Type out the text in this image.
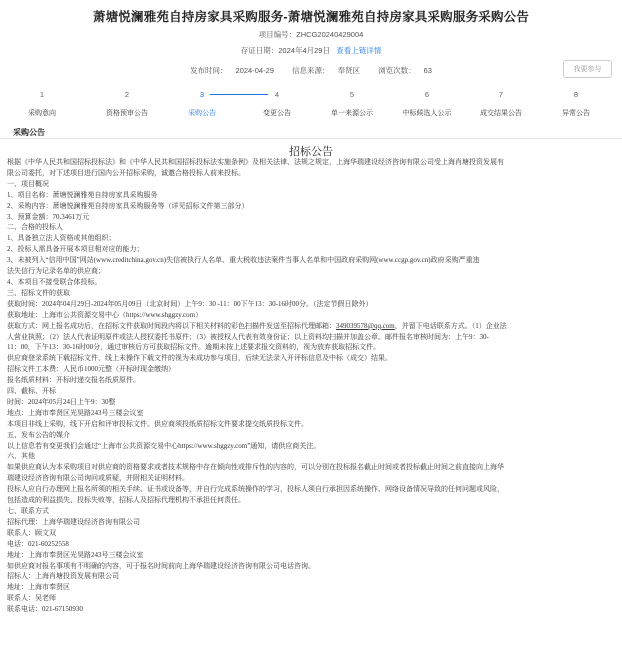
萧塘悦澜雅苑自持房家具采购服务-萧塘悦澜雅苑自持房家具采购服务采购公告
项目编号：ZHCG20240429004
存证日期：2024年4月29日 查看上链详情
发布时间： 2024-04-29 信息来源： 奉贤区 浏览次数： 63	我要参与
1
采购意向
2
资格预审公告
3
采购公告
4
变更公告
5
单一来源公示
6
中标候选人公示
7
成交结果公告
8
异常公告
采购公告
招标公告

根据《中华人民共和国招标投标法》和《中华人民共和国招标投标法实施条例》及相关法律、法规之规定，上海华瑞建设经济咨询有限公司受上海肖塘投资发展有

限公司委托，对下述项目进行国内公开招标采购，诚邀合格投标人前来投标。

一、项目概况

1、项目名称：萧塘悦澜雅苑自持房家具采购服务

2、采购内容：萧塘悦澜雅苑自持房家具采购服务等（详见招标文件第三部分）

3、预算金额：70.3461万元

二、合格的投标人

1、具备独立法人资格或其他组织；

2、投标人需具备开展本项目相对应的能力；

3、未被列入“信用中国”网站(www.creditchina.gov.cn)失信被执行人名单、重大税收违法案件当事人名单和中国政府采购网(www.ccgp.gov.cn)政府采购严重违

法失信行为记录名单的供应商；

4、本项目不接受联合体投标。

三、招标文件的获取

获取时间：2024年04月29日-2024年05月09日（北京时间）上午9：30 -11：00下午13：30-16时00分。（法定节假日除外）

获取地址：上海市公共资源交易中心（https://www.shggzy.com）

获取方式：网上报名成功后，在招标文件获取时间段内将以下相关材料的彩色扫描件发送至招标代理邮箱：349039578@qq.com，并留下电话联系方式。（1）企业法

人营业执照；（2）法人代表证明原件或法人授权委托书原件；（3）被授权人代表有效身份证；以上资料均扫描并加盖公章。邮件报名审核时间为：上午9：30-

11：00，下午13：30-16时00分，通过审核后方可获取招标文件。逾期未按上述要求报交资料的，视为放弃获取招标文件。

供应商登录系统下载招标文件，线上未操作下载文件的视为未成功参与项目，后续无法录入开评标信息及中标（成交）结果。

招标文件工本费：人民币1000元整（开标时现金缴纳）

报名纸质材料：开标时递交报名纸质原件。

四、截标、开标

时间：2024年05月24日上午9：30整

地点：上海市奉贤区光昊路243号三楼会议室

本项目非线上采购，线下开启和评审投标文件。供应商须投纸质招标文件要求提交纸质投标文件。

五、发布公告的媒介

以上信息若有变更我们会通过“上海市公共资源交易中心https://www.shggzy.com”通知，请供应商关注。

六、其他

如果供应商认为本采购项目对供应商的资格要求或者技术规格中存在倾向性或排斥性的内容的，可以分别在投标报名截止时间或者投标截止时间之前直接向上海华

瑞建设经济咨询有限公司询问或质疑，并附相关证明材料。

投标人应自行办理网上报名所须的相关手续、证书或设备等，并自行完成系统操作的学习，投标人须自行承担因系统操作、网络设备情况导致的任何问题或风险，

包括造成的利益损失、投标失败等，招标人及招标代理机构不承担任何责任。

七、联系方式

招标代理：上海华瑞建设经济咨询有限公司

联系人：顾文双

电话：021-60252558

地址：上海市奉贤区光昊路243号三楼会议室

如供应商对报名事项有不明确的内容，可于报名时间前向上海华瑞建设经济咨询有限公司电话咨询。

招标人：上海肖塘投资发展有限公司

地址：上海市奉贤区

联系人：吴老师

联系电话：021-67150930
